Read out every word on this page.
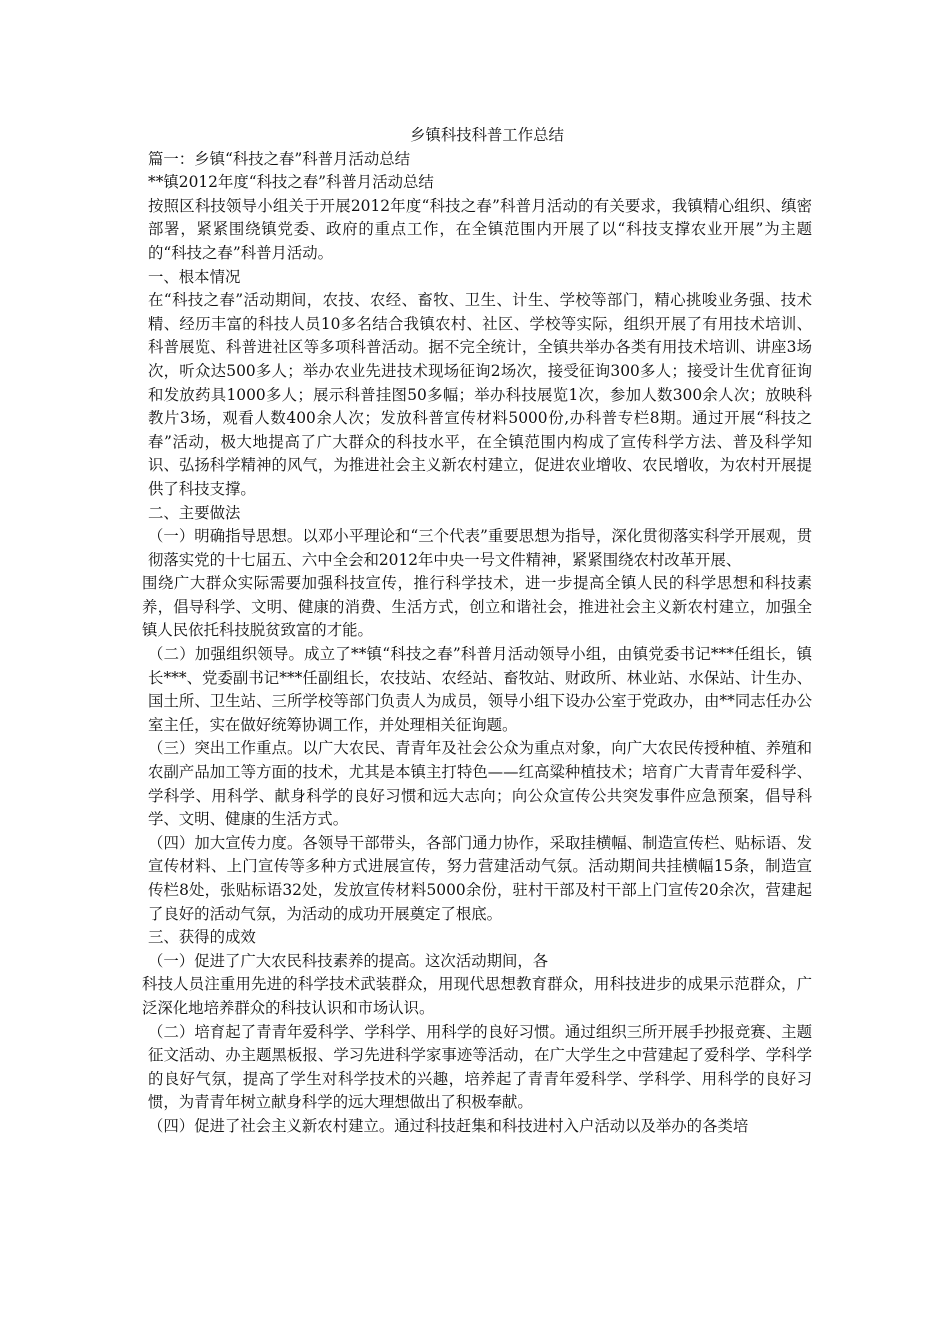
乡镇科技科普工作总结

篇一：乡镇“科技之春”科普月活动总结

**镇2012年度“科技之春”科普月活动总结

按照区科技领导小组关于开展2012年度“科技之春”科普月活动的有关要求，我镇精心组织、缜密部署，紧紧围绕镇党委、政府的重点工作，在全镇范围内开展了以“科技支撑农业开展”为主题的“科技之春”科普月活动。

一、根本情况

在“科技之春”活动期间，农技、农经、畜牧、卫生、计生、学校等部门，精心挑唆业务强、技术精、经历丰富的科技人员10多名结合我镇农村、社区、学校等实际，组织开展了有用技术培训、科普展览、科普进社区等多项科普活动。据不完全统计，全镇共举办各类有用技术培训、讲座3场次，听众达500多人；举办农业先进技术现场征询2场次，接受征询300多人；接受计生优育征询和发放药具1000多人；展示科普挂图50多幅；举办科技展览1次，参加人数300余人次；放映科教片3场，观看人数400余人次；发放科普宣传材料5000份,办科普专栏8期。通过开展“科技之春”活动，极大地提高了广大群众的科技水平，在全镇范围内构成了宣传科学方法、普及科学知识、弘扬科学精神的风气，为推进社会主义新农村建立，促进农业增收、农民增收，为农村开展提供了科技支撑。

二、主要做法

（一）明确指导思想。以邓小平理论和“三个代表”重要思想为指导，深化贯彻落实科学开展观，贯彻落实党的十七届五、六中全会和2012年中央一号文件精神，紧紧围绕农村改革开展、

围绕广大群众实际需要加强科技宣传，推行科学技术，进一步提高全镇人民的科学思想和科技素养，倡导科学、文明、健康的消费、生活方式，创立和谐社会，推进社会主义新农村建立，加强全镇人民依托科技脱贫致富的才能。

（二）加强组织领导。成立了**镇“科技之春”科普月活动领导小组，由镇党委书记***任组长，镇长***、党委副书记***任副组长，农技站、农经站、畜牧站、财政所、林业站、水保站、计生办、国土所、卫生站、三所学校等部门负责人为成员，领导小组下设办公室于党政办，由**同志任办公室主任，实在做好统筹协调工作，并处理相关征询题。

（三）突出工作重点。以广大农民、青青年及社会公众为重点对象，向广大农民传授种植、养殖和农副产品加工等方面的技术，尤其是本镇主打特色——红高粱种植技术；培育广大青青年爱科学、学科学、用科学、献身科学的良好习惯和远大志向；向公众宣传公共突发事件应急预案，倡导科学、文明、健康的生活方式。

（四）加大宣传力度。各领导干部带头，各部门通力协作，采取挂横幅、制造宣传栏、贴标语、发宣传材料、上门宣传等多种方式进展宣传，努力营建活动气氛。活动期间共挂横幅15条，制造宣传栏8处，张贴标语32处，发放宣传材料5000余份，驻村干部及村干部上门宣传20余次，营建起了良好的活动气氛，为活动的成功开展奠定了根底。

三、获得的成效

（一）促进了广大农民科技素养的提高。这次活动期间，各

科技人员注重用先进的科学技术武装群众，用现代思想教育群众，用科技进步的成果示范群众，广泛深化地培养群众的科技认识和市场认识。

（二）培育起了青青年爱科学、学科学、用科学的良好习惯。通过组织三所开展手抄报竞赛、主题征文活动、办主题黑板报、学习先进科学家事迹等活动，在广大学生之中营建起了爱科学、学科学的良好气氛，提高了学生对科学技术的兴趣，培养起了青青年爱科学、学科学、用科学的良好习惯，为青青年树立献身科学的远大理想做出了积极奉献。

（四）促进了社会主义新农村建立。通过科技赶集和科技进村入户活动以及举办的各类培
